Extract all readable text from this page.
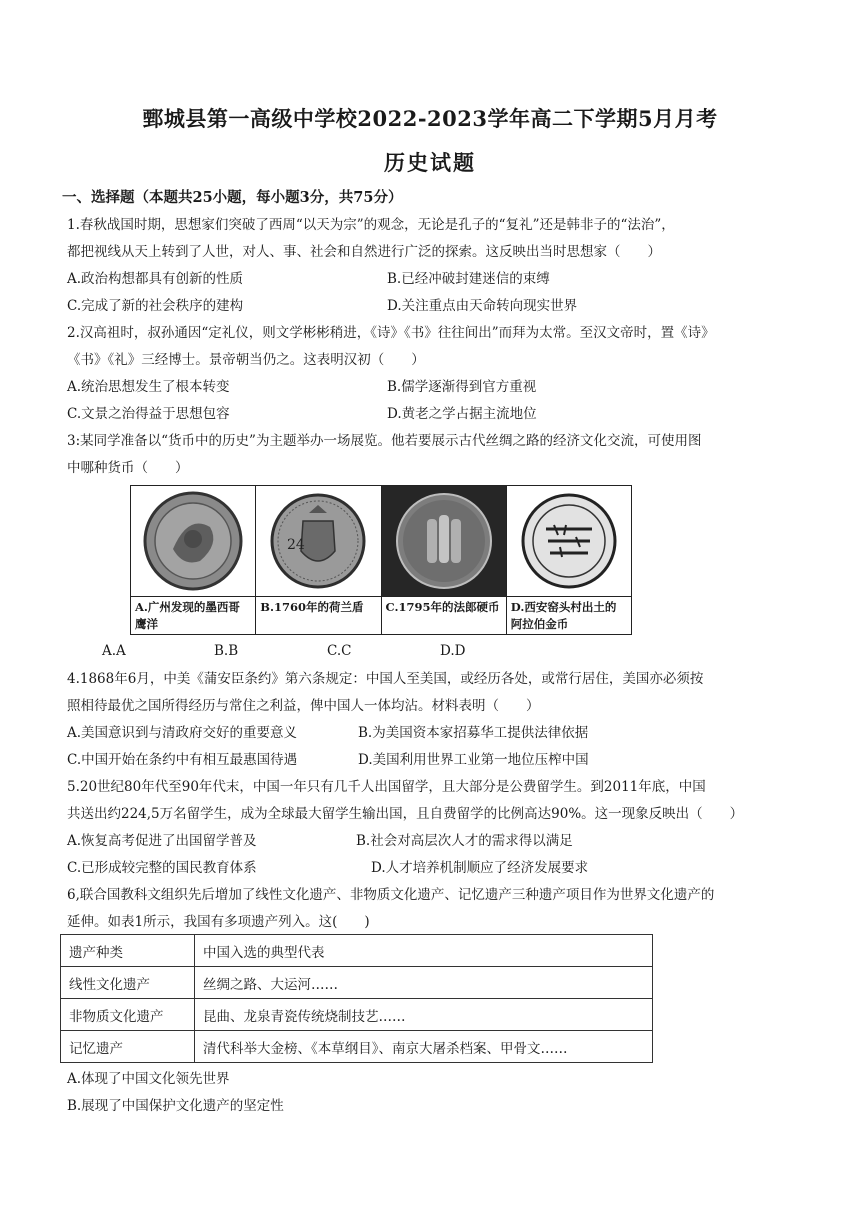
鄄城县第一高级中学校2022-2023学年高二下学期5月月考
历史试题
一、选择题（本题共25小题，每小题3分，共75分）
1.春秋战国时期，思想家们突破了西周“以天为宗”的观念，无论是孔子的“复礼”还是韩非子的“法治”，
都把视线从天上转到了人世，对人、事、社会和自然进行广泛的探索。这反映出当时思想家（　　）
A.政治构想都具有创新的性质	B.已经冲破封建迷信的束缚
C.完成了新的社会秩序的建构	D.关注重点由天命转向现实世界
2.汉高祖时，叔孙通因“定礼仪，则文学彬彬稍进，《诗》《书》往往间出”而拜为太常。至汉文帝时，置《诗》
《书》《礼》三经博士。景帝朝当仍之。这表明汉初（　　）
A.统治思想发生了根本转变	B.儒学逐渐得到官方重视
C.文景之治得益于思想包容	D.黄老之学占据主流地位
3:某同学准备以“货币中的历史”为主题举办一场展览。他若要展示古代丝绸之路的经济文化交流，可使用图
中哪种货币（　　）
A.广州发现的墨西哥鹰洋
24
B.1760年的荷兰盾	C.1795年的法郎硬币 D.西安窑头村出土的阿拉伯金币
A.A	B.B	C.C	D.D
4.1868年6月，中美《蒲安臣条约》第六条规定：中国人至美国，或经历各处，或常行居住，美国亦必须按
照相待最优之国所得经历与常住之利益，俾中国人一体均沾。材料表明（　　）
A.美国意识到与清政府交好的重要意义	B.为美国资本家招募华工提供法律依据
C.中国开始在条约中有相互最惠国待遇	D.美国利用世界工业第一地位压榨中国
5.20世纪80年代至90年代末，中国一年只有几千人出国留学，且大部分是公费留学生。到2011年底，中国
共送出约224,5万名留学生，成为全球最大留学生输出国，且自费留学的比例高达90%。这一现象反映出（　　）
A.恢复高考促进了出国留学普及	B.社会对高层次人才的需求得以满足
C.已形成较完整的国民教育体系	D.人才培养机制顺应了经济发展要求
6,联合国教科文组织先后增加了线性文化遗产、非物质文化遗产、记忆遗产三种遗产项目作为世界文化遗产的
延伸。如表1所示，我国有多项遗产列入。这(　　)
遗产种类	中国入选的典型代表
线性文化遗产	丝绸之路、大运河……
非物质文化遗产	昆曲、龙泉青瓷传统烧制技艺……
记忆遗产	清代科举大金榜、《本草纲目》、南京大屠杀档案、甲骨文……
A.体现了中国文化领先世界
B.展现了中国保护文化遗产的坚定性
